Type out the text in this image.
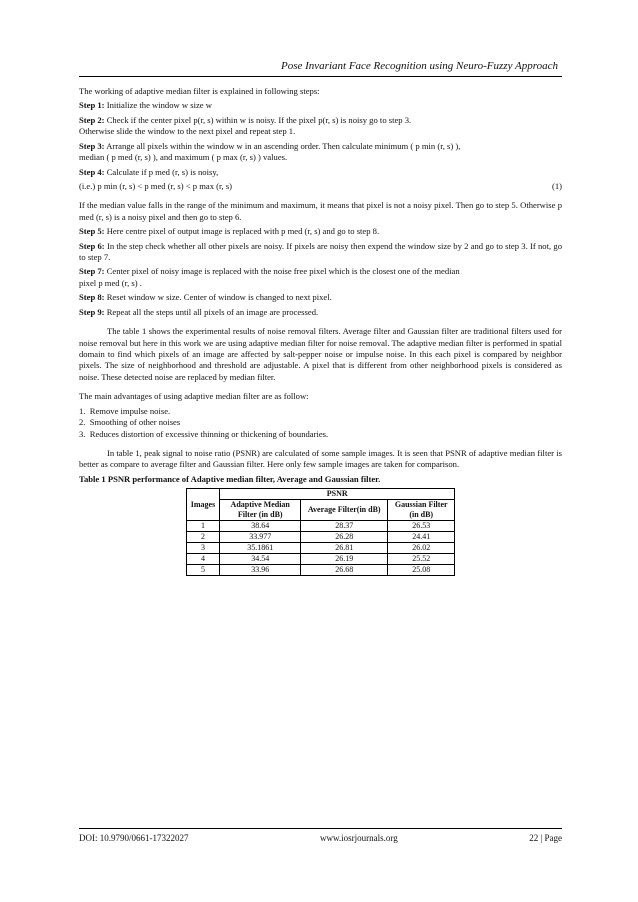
Pose Invariant Face Recognition using Neuro-Fuzzy Approach

The working of adaptive median filter is explained in following steps:

Step 1: Initialize the window w size w

Step 2: Check if the center pixel p(r, s) within w is noisy. If the pixel p(r, s) is noisy go to step 3.
Otherwise slide the window to the next pixel and repeat step 1.

Step 3: Arrange all pixels within the window w in an ascending order. Then calculate minimum ( p min (r, s) ),
median ( p med (r, s) ), and maximum ( p max (r, s) ) values.

Step 4: Calculate if p med (r, s) is noisy,

(i.e.) p min (r, s) < p med (r, s) < p max (r, s)	(1)

If the median value falls in the range of the minimum and maximum, it means that pixel is not a noisy pixel. Then go to step 5. Otherwise p med (r, s) is a noisy pixel and then go to step 6.

Step 5: Here centre pixel of output image is replaced with p med (r, s) and go to step 8.

Step 6: In the step check whether all other pixels are noisy. If pixels are noisy then expend the window size by 2 and go to step 3. If not, go to step 7.

Step 7: Center pixel of noisy image is replaced with the noise free pixel which is the closest one of the median
pixel p med (r, s) .

Step 8: Reset window w size. Center of window is changed to next pixel.

Step 9: Repeat all the steps until all pixels of an image are processed.

The table 1 shows the experimental results of noise removal filters. Average filter and Gaussian filter are traditional filters used for noise removal but here in this work we are using adaptive median filter for noise removal. The adaptive median filter is performed in spatial domain to find which pixels of an image are affected by salt-pepper noise or impulse noise. In this each pixel is compared by neighbor pixels. The size of neighborhood and threshold are adjustable. A pixel that is different from other neighborhood pixels is considered as noise. These detected noise are replaced by median filter.

The main advantages of using adaptive median filter are as follow:

1.  Remove impulse noise.
2.  Smoothing of other noises
3.  Reduces distortion of excessive thinning or thickening of boundaries.

In table 1, peak signal to noise ratio (PSNR) are calculated of some sample images. It is seen that PSNR of adaptive median filter is better as compare to average filter and Gaussian filter. Here only few sample images are taken for comparison.

Table 1 PSNR performance of Adaptive median filter, Average and Gaussian filter.

Images	PSNR		
	Adaptive Median Filter (in dB)	Average Filter(in dB)	Gaussian Filter (in dB)
1	38.64	28.37	26.53
2	33.977	26.28	24.41
3	35.1861	26.81	26.02
4	34.54	26.19	25.52
5	33.96	26.68	25.08
DOI: 10.9790/0661-17322027	www.iosrjournals.org	22 | Page
